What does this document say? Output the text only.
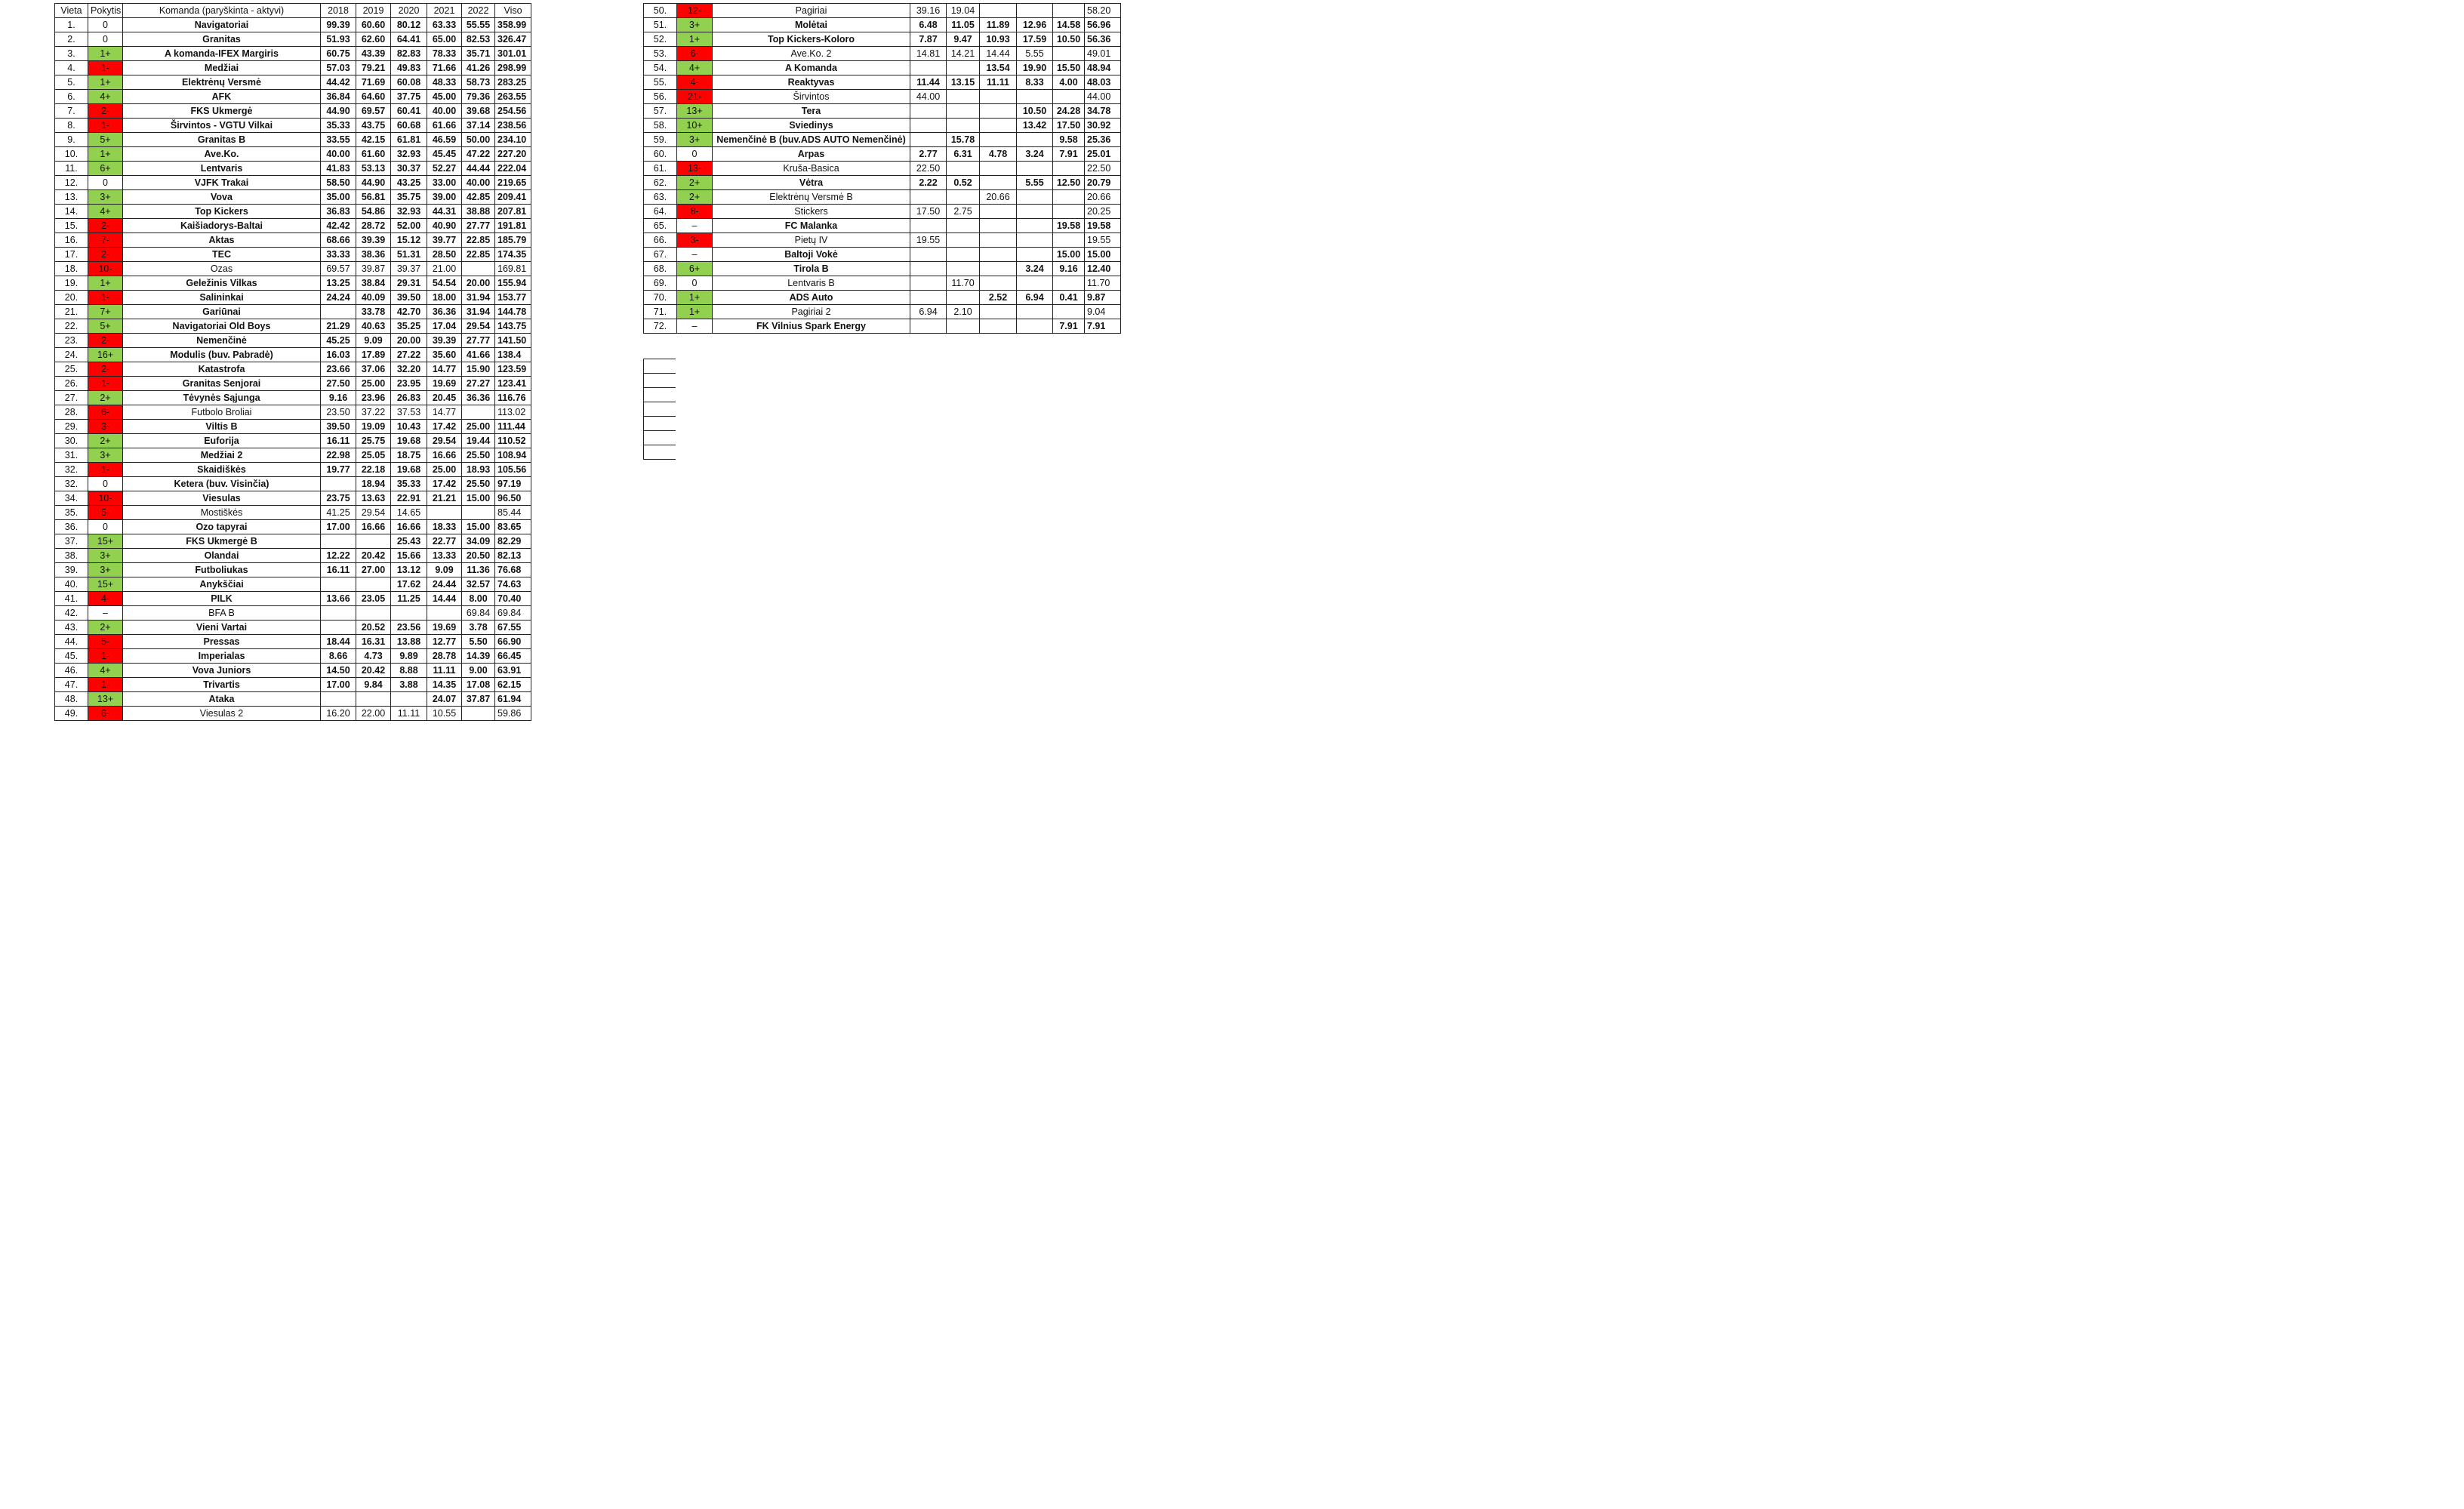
Vieta	Pokytis	Komanda (paryškinta - aktyvi)	2018	2019	2020	2021	2022	Viso
1.	0	Navigatoriai	99.39	60.60	80.12	63.33	55.55	358.99
2.	0	Granitas	51.93	62.60	64.41	65.00	82.53	326.47
3.	1+	A komanda-IFEX Margiris	60.75	43.39	82.83	78.33	35.71	301.01
4.	1-	Medžiai	57.03	79.21	49.83	71.66	41.26	298.99
5.	1+	Elektrėnų Versmė	44.42	71.69	60.08	48.33	58.73	283.25
6.	4+	AFK	36.84	64.60	37.75	45.00	79.36	263.55
7.	2-	FKS Ukmergė	44.90	69.57	60.41	40.00	39.68	254.56
8.	1-	Širvintos - VGTU Vilkai	35.33	43.75	60.68	61.66	37.14	238.56
9.	5+	Granitas B	33.55	42.15	61.81	46.59	50.00	234.10
10.	1+	Ave.Ko.	40.00	61.60	32.93	45.45	47.22	227.20
11.	6+	Lentvaris	41.83	53.13	30.37	52.27	44.44	222.04
12.	0	VJFK Trakai	58.50	44.90	43.25	33.00	40.00	219.65
13.	3+	Vova	35.00	56.81	35.75	39.00	42.85	209.41
14.	4+	Top Kickers	36.83	54.86	32.93	44.31	38.88	207.81
15.	2-	Kaišiadorys-Baltai	42.42	28.72	52.00	40.90	27.77	191.81
16.	7-	Aktas	68.66	39.39	15.12	39.77	22.85	185.79
17.	2-	TEC	33.33	38.36	51.31	28.50	22.85	174.35
18.	10-	Ozas	69.57	39.87	39.37	21.00		169.81
19.	1+	Geležinis Vilkas	13.25	38.84	29.31	54.54	20.00	155.94
20.	1-	Salininkai	24.24	40.09	39.50	18.00	31.94	153.77
21.	7+	Gariūnai		33.78	42.70	36.36	31.94	144.78
22.	5+	Navigatoriai Old Boys	21.29	40.63	35.25	17.04	29.54	143.75
23.	2-	Nemenčinė	45.25	9.09	20.00	39.39	27.77	141.50
24.	16+	Modulis (buv. Pabradė)	16.03	17.89	27.22	35.60	41.66	138.4
25.	2-	Katastrofa	23.66	37.06	32.20	14.77	15.90	123.59
26.	1-	Granitas Senjorai	27.50	25.00	23.95	19.69	27.27	123.41
27.	2+	Tėvynės Sąjunga	9.16	23.96	26.83	20.45	36.36	116.76
28.	6-	Futbolo Broliai	23.50	37.22	37.53	14.77		113.02
29.	3-	Viltis B	39.50	19.09	10.43	17.42	25.00	111.44
30.	2+	Euforija	16.11	25.75	19.68	29.54	19.44	110.52
31.	3+	Medžiai 2	22.98	25.05	18.75	16.66	25.50	108.94
32.	1-	Skaidiškės	19.77	22.18	19.68	25.00	18.93	105.56
32.	0	Ketera (buv. Visinčia)		18.94	35.33	17.42	25.50	97.19
34.	10-	Viesulas	23.75	13.63	22.91	21.21	15.00	96.50
35.	5-	Mostiškės	41.25	29.54	14.65			85.44
36.	0	Ozo tapyrai	17.00	16.66	16.66	18.33	15.00	83.65
37.	15+	FKS Ukmergė B			25.43	22.77	34.09	82.29
38.	3+	Olandai	12.22	20.42	15.66	13.33	20.50	82.13
39.	3+	Futboliukas	16.11	27.00	13.12	9.09	11.36	76.68
40.	15+	Anykščiai			17.62	24.44	32.57	74.63
41.	4-	PILK	13.66	23.05	11.25	14.44	8.00	70.40
42.	–	BFA B					69.84	69.84
43.	2+	Vieni Vartai		20.52	23.56	19.69	3.78	67.55
44.	5-	Pressas	18.44	16.31	13.88	12.77	5.50	66.90
45.	1-	Imperialas	8.66	4.73	9.89	28.78	14.39	66.45
46.	4+	Vova Juniors	14.50	20.42	8.88	11.11	9.00	63.91
47.	1-	Trivartis	17.00	9.84	3.88	14.35	17.08	62.15
48.	13+	Ataka				24.07	37.87	61.94
49.	6-	Viesulas 2	16.20	22.00	11.11	10.55		59.86
50.	12-	Pagiriai	39.16	19.04				58.20
51.	3+	Molėtai	6.48	11.05	11.89	12.96	14.58	56.96
52.	1+	Top Kickers-Koloro	7.87	9.47	10.93	17.59	10.50	56.36
53.	6-	Ave.Ko. 2	14.81	14.21	14.44	5.55		49.01
54.	4+	A Komanda			13.54	19.90	15.50	48.94
55.	4-	Reaktyvas	11.44	13.15	11.11	8.33	4.00	48.03
56.	21-	Širvintos	44.00					44.00
57.	13+	Tera				10.50	24.28	34.78
58.	10+	Sviedinys				13.42	17.50	30.92
59.	3+	Nemenčinė B (buv.ADS AUTO Nemenčinė)		15.78			9.58	25.36
60.	0	Arpas	2.77	6.31	4.78	3.24	7.91	25.01
61.	13-	Kruša-Basica	22.50					22.50
62.	2+	Vėtra	2.22	0.52		5.55	12.50	20.79
63.	2+	Elektrėnų Versmė B			20.66			20.66
64.	8-	Stickers	17.50	2.75				20.25
65.	–	FC Malanka					19.58	19.58
66.	3-	Pietų IV	19.55					19.55
67.	–	Baltoji Vokė					15.00	15.00
68.	6+	Tirola B				3.24	9.16	12.40
69.	0	Lentvaris B		11.70				11.70
70.	1+	ADS Auto			2.52	6.94	0.41	9.87
71.	1+	Pagiriai 2	6.94	2.10				9.04
72.	–	FK Vilnius Spark Energy					7.91	7.91
